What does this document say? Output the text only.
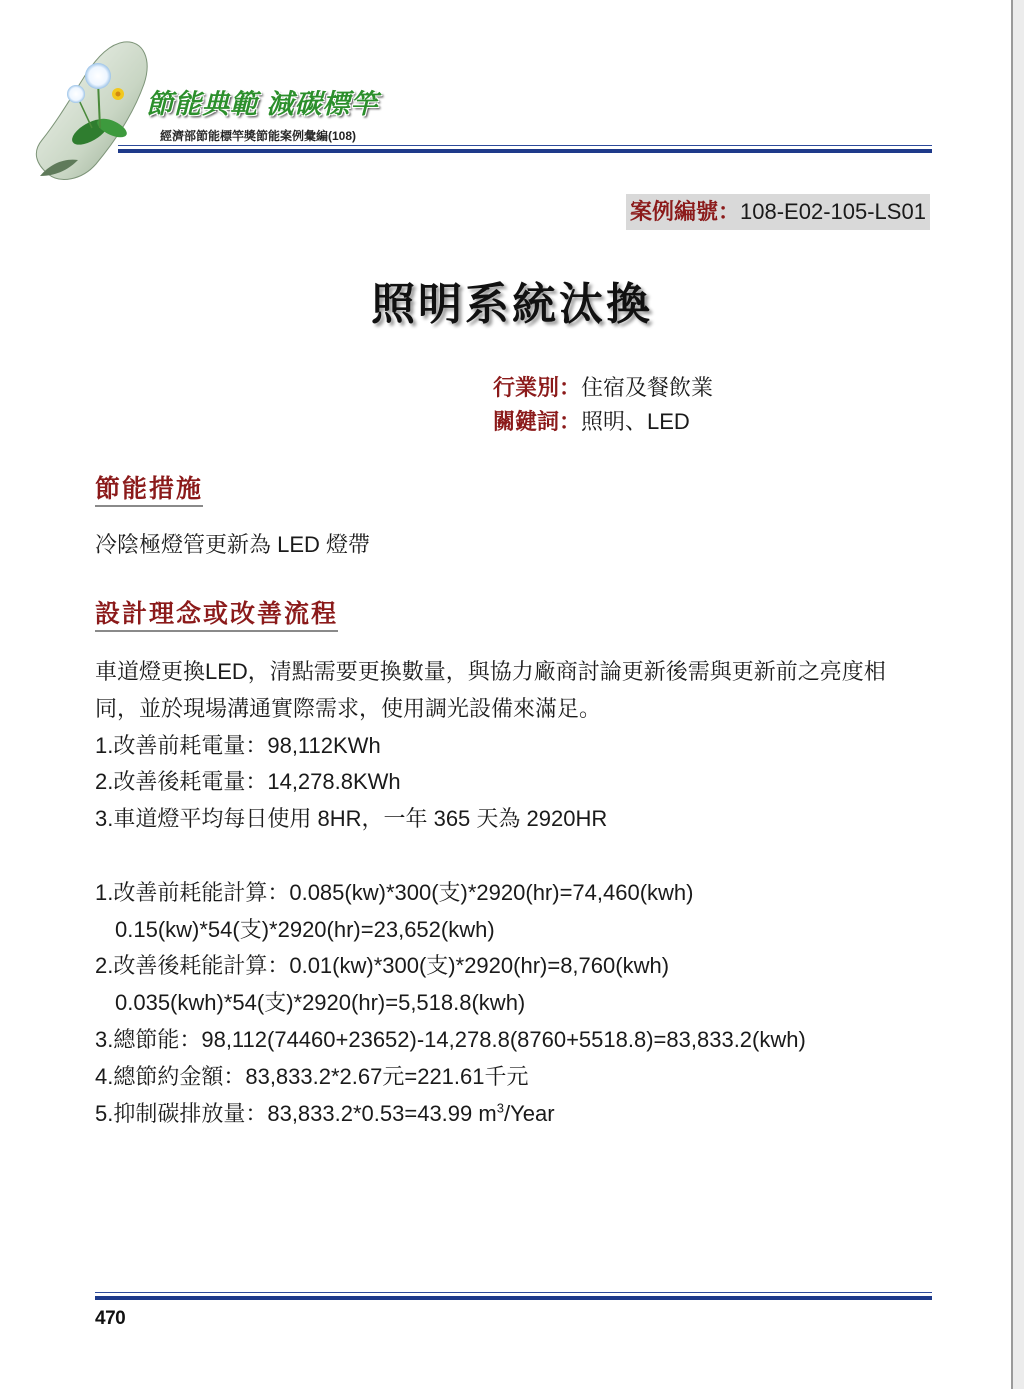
節能典範 減碳標竿
經濟部節能標竿獎節能案例彙編(108)
案例編號：108-E02-105-LS01
照明系統汰換
行業別：住宿及餐飲業
關鍵詞：照明、LED
節能措施
冷陰極燈管更新為 LED 燈帶
設計理念或改善流程
車道燈更換LED，清點需要更換數量，與協力廠商討論更新後需與更新前之亮度相
同，並於現場溝通實際需求，使用調光設備來滿足。
1.改善前耗電量：98,112KWh
2.改善後耗電量：14,278.8KWh
3.車道燈平均每日使用 8HR，一年 365 天為 2920HR
1.改善前耗能計算：0.085(kw)*300(支)*2920(hr)=74,460(kwh)
0.15(kw)*54(支)*2920(hr)=23,652(kwh)
2.改善後耗能計算：0.01(kw)*300(支)*2920(hr)=8,760(kwh)
0.035(kwh)*54(支)*2920(hr)=5,518.8(kwh)
3.總節能：98,112(74460+23652)-14,278.8(8760+5518.8)=83,833.2(kwh)
4.總節約金額：83,833.2*2.67元=221.61千元
5.抑制碳排放量：83,833.2*0.53=43.99 $m^3$/Year
470
